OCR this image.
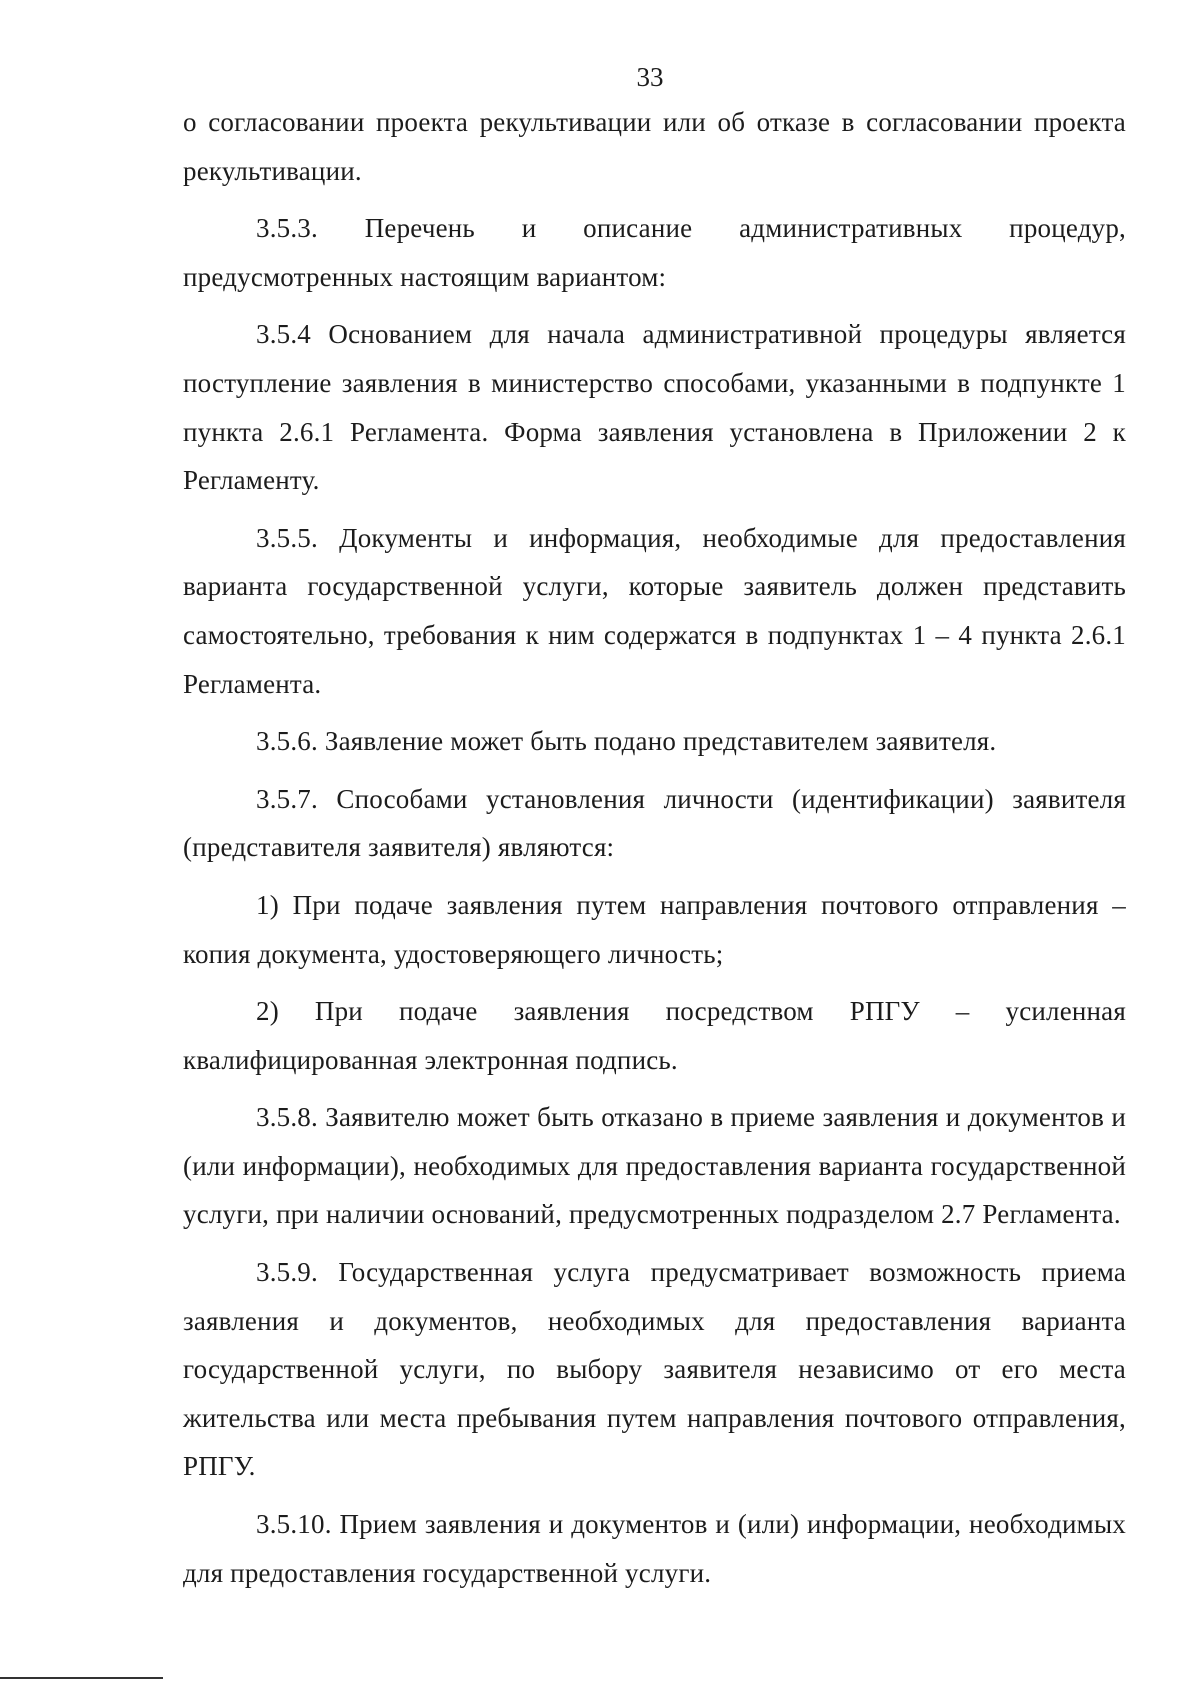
33

о согласовании проекта рекультивации или об отказе в согласовании проекта рекультивации.

3.5.3. Перечень и описание административных процедур, предусмотренных настоящим вариантом:

3.5.4 Основанием для начала административной процедуры является поступление заявления в министерство способами, указанными в подпункте 1 пункта 2.6.1 Регламента. Форма заявления установлена в Приложении 2 к Регламенту.

3.5.5. Документы и информация, необходимые для предоставления варианта государственной услуги, которые заявитель должен представить самостоятельно, требования к ним содержатся в подпунктах 1 – 4 пункта 2.6.1 Регламента.

3.5.6. Заявление может быть подано представителем заявителя.

3.5.7. Способами установления личности (идентификации) заявителя (представителя заявителя) являются:

1) При подаче заявления путем направления почтового отправления – копия документа, удостоверяющего личность;

2) При подаче заявления посредством РПГУ – усиленная квалифицированная электронная подпись.

3.5.8. Заявителю может быть отказано в приеме заявления и документов и (или информации), необходимых для предоставления варианта государственной услуги, при наличии оснований, предусмотренных подразделом 2.7 Регламента.

3.5.9. Государственная услуга предусматривает возможность приема заявления и документов, необходимых для предоставления варианта государственной услуги, по выбору заявителя независимо от его места жительства или места пребывания путем направления почтового отправления, РПГУ.

3.5.10. Прием заявления и документов и (или) информации, необходимых для предоставления государственной услуги.
